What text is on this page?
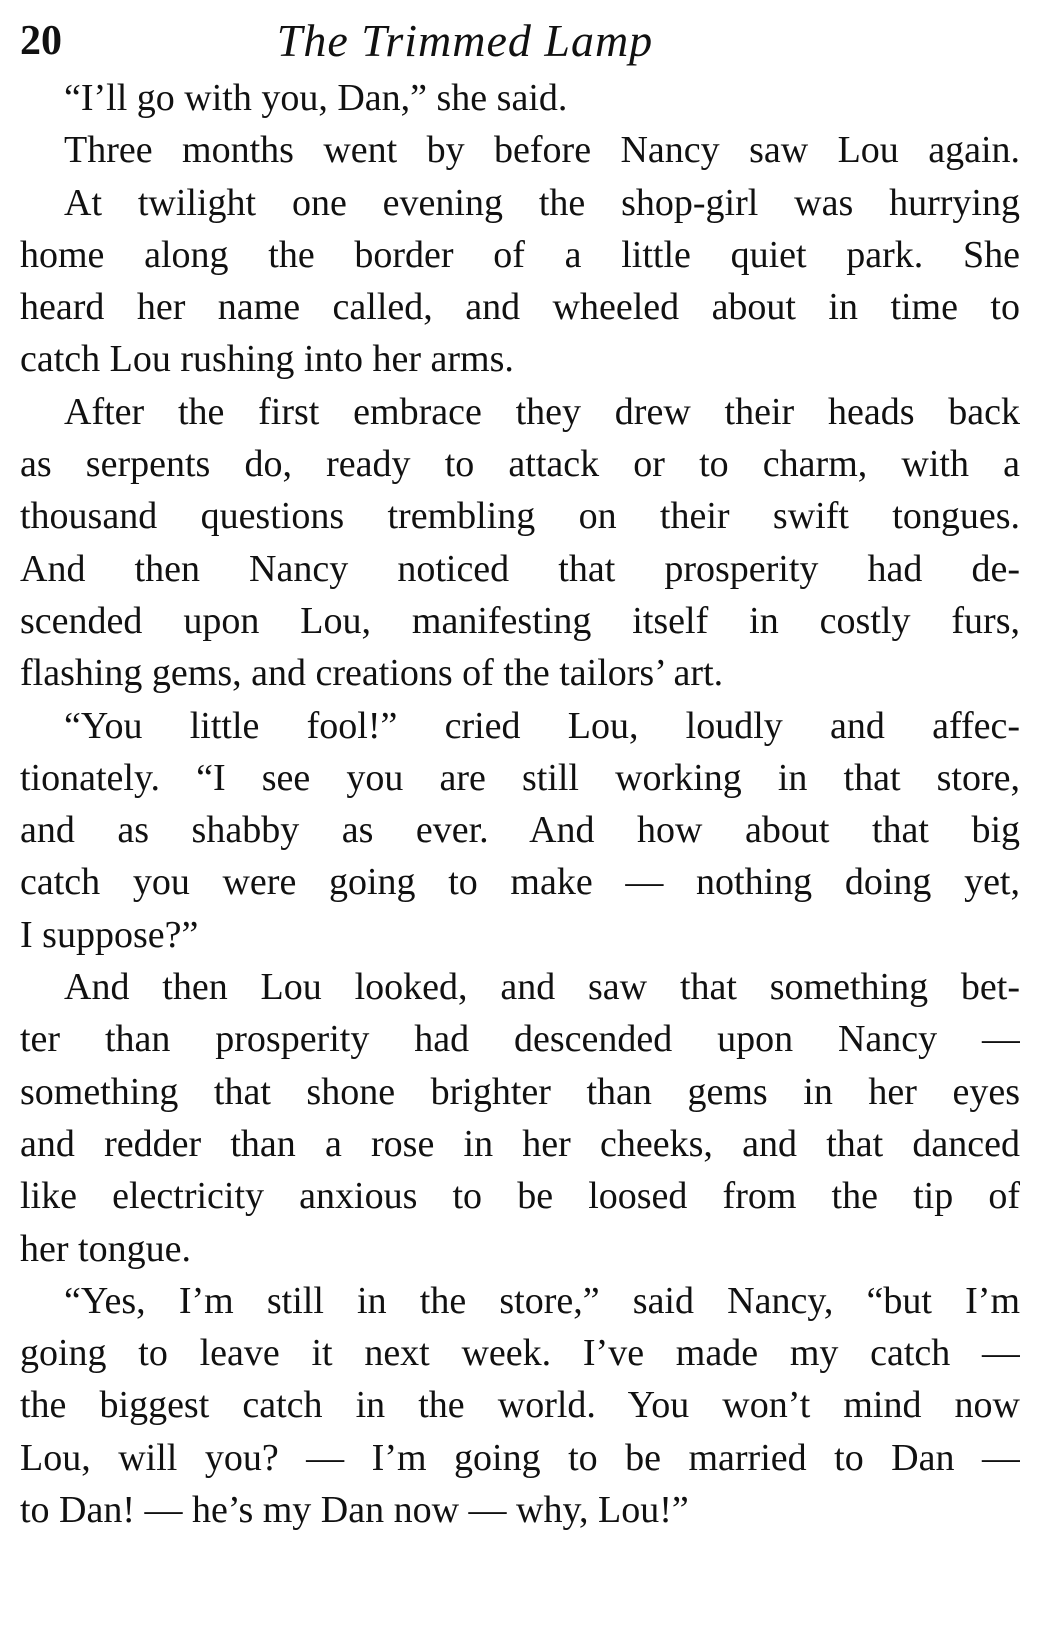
20	The Trimmed Lamp
“I’ll go with you, Dan,” she said.
Three months went by before Nancy saw Lou again.
At twilight one evening the shop-girl was hurrying
home along the border of a little quiet park. She
heard her name called, and wheeled about in time to
catch Lou rushing into her arms.
After the first embrace they drew their heads back
as serpents do, ready to attack or to charm, with a
thousand questions trembling on their swift tongues.
And then Nancy noticed that prosperity had de-
scended upon Lou, manifesting itself in costly furs,
flashing gems, and creations of the tailors’ art.
“You little fool!” cried Lou, loudly and affec-
tionately. “I see you are still working in that store,
and as shabby as ever. And how about that big
catch you were going to make — nothing doing yet,
I suppose?”
And then Lou looked, and saw that something bet-
ter than prosperity had descended upon Nancy —
something that shone brighter than gems in her eyes
and redder than a rose in her cheeks, and that danced
like electricity anxious to be loosed from the tip of
her tongue.
“Yes, I’m still in the store,” said Nancy, “but I’m
going to leave it next week. I’ve made my catch —
the biggest catch in the world. You won’t mind now
Lou, will you? — I’m going to be married to Dan —
to Dan! — he’s my Dan now — why, Lou!”
